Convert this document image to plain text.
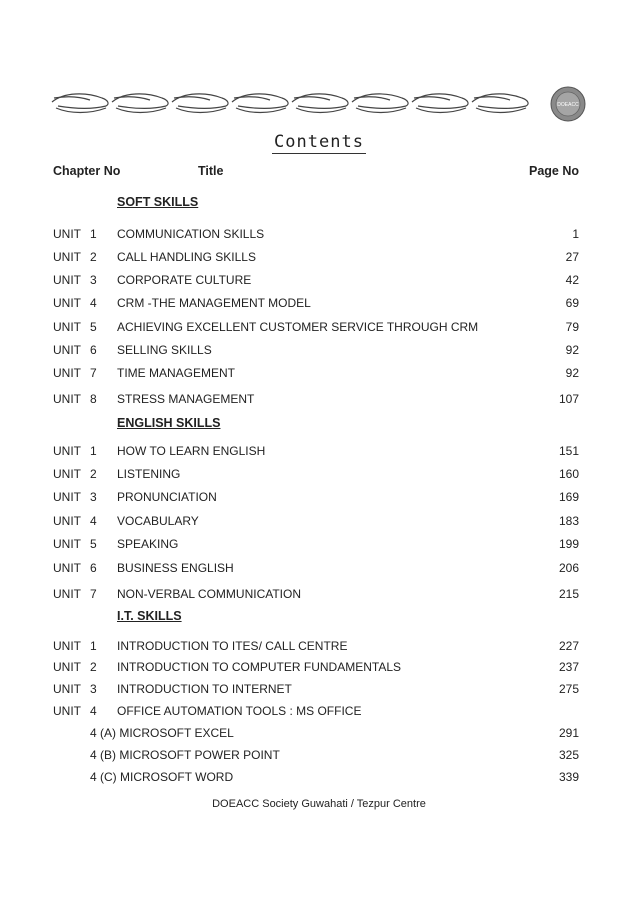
DOEACC
Contents
Chapter No	Title	Page No
SOFT SKILLS
UNIT 1 COMMUNICATION SKILLS	1
UNIT 2 CALL HANDLING SKILLS	27
UNIT 3 CORPORATE CULTURE	42
UNIT 4 CRM -THE MANAGEMENT MODEL	69
UNIT 5 ACHIEVING EXCELLENT CUSTOMER SERVICE THROUGH CRM	79
UNIT 6 SELLING SKILLS	92
UNIT 7 TIME MANAGEMENT	92
UNIT 8 STRESS MANAGEMENT	107
ENGLISH SKILLS
UNIT 1 HOW TO LEARN ENGLISH	151
UNIT 2 LISTENING	160
UNIT 3 PRONUNCIATION	169
UNIT 4 VOCABULARY	183
UNIT 5 SPEAKING	199
UNIT 6 BUSINESS ENGLISH	206
UNIT 7 NON-VERBAL COMMUNICATION	215
I.T. SKILLS
UNIT 1 INTRODUCTION TO ITES/ CALL CENTRE	227
UNIT 2 INTRODUCTION TO COMPUTER FUNDAMENTALS	237
UNIT 3 INTRODUCTION TO INTERNET	275
UNIT 4 OFFICE AUTOMATION TOOLS : MS OFFICE
4 (A) MICROSOFT EXCEL	291
4 (B) MICROSOFT POWER POINT	325
4 (C) MICROSOFT WORD	339
DOEACC Society Guwahati / Tezpur Centre
